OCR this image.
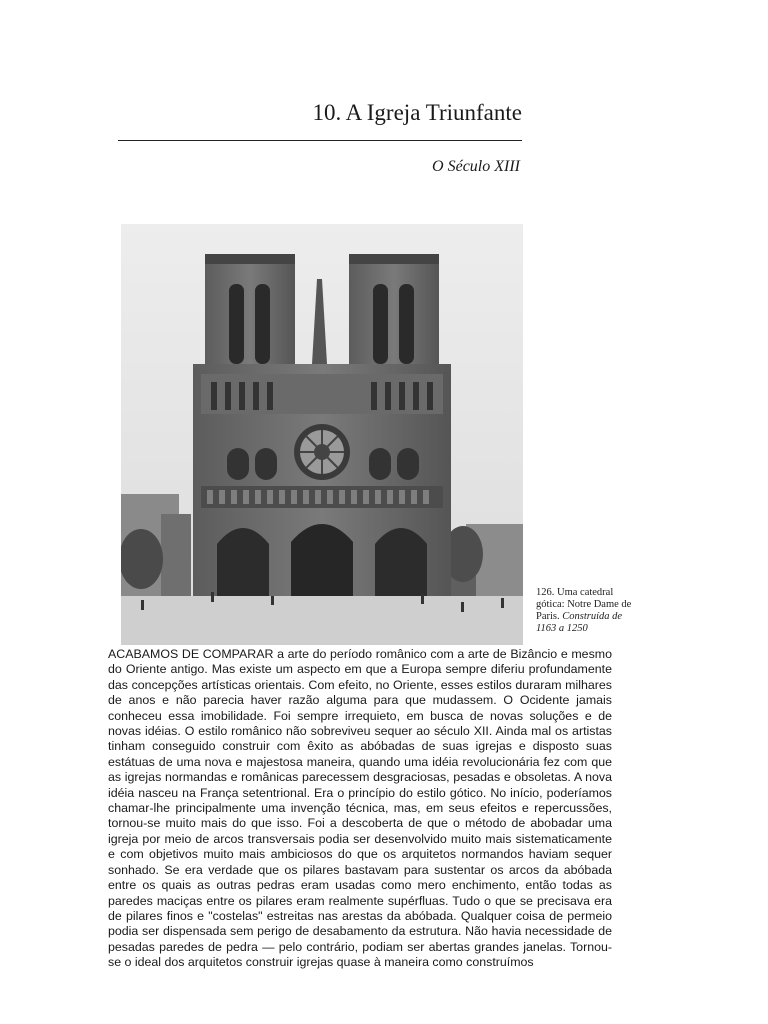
10. A Igreja Triunfante
O Século XIII
126. Uma catedral gótica: Notre Dame de Paris. Construída de 1163 a 1250

ACABAMOS DE COMPARAR a arte do período românico com a arte de Bizâncio e mesmo do Oriente antigo. Mas existe um aspecto em que a Europa sempre diferiu profundamente das concepções artísticas orientais. Com efeito, no Oriente, esses estilos duraram milhares de anos e não parecia haver razão alguma para que mudassem. O Ocidente jamais conheceu essa imobilidade. Foi sempre irrequieto, em busca de novas soluções e de novas idéias. O estilo românico não sobreviveu sequer ao século XII. Ainda mal os artistas tinham conseguido construir com êxito as abóbadas de suas igrejas e disposto suas estátuas de uma nova e majestosa maneira, quando uma idéia revolucionária fez com que as igrejas normandas e românicas parecessem desgraciosas, pesadas e obsoletas. A nova idéia nasceu na França setentrional. Era o princípio do estilo gótico. No início, poderíamos chamar-lhe principalmente uma invenção técnica, mas, em seus efeitos e repercussões, tornou-se muito mais do que isso. Foi a descoberta de que o método de abobadar uma igreja por meio de arcos transversais podia ser desenvolvido muito mais sistematicamente e com objetivos muito mais ambiciosos do que os arquitetos normandos haviam sequer sonhado. Se era verdade que os pilares bastavam para sustentar os arcos da abóbada entre os quais as outras pedras eram usadas como mero enchimento, então todas as paredes maciças entre os pilares eram realmente supérfluas. Tudo o que se precisava era de pilares finos e "costelas" estreitas nas arestas da abóbada. Qualquer coisa de permeio podia ser dispensada sem perigo de desabamento da estrutura. Não havia necessidade de pesadas paredes de pedra — pelo contrário, podiam ser abertas grandes janelas. Tornou-se o ideal dos arquitetos construir igrejas quase à maneira como construímos
